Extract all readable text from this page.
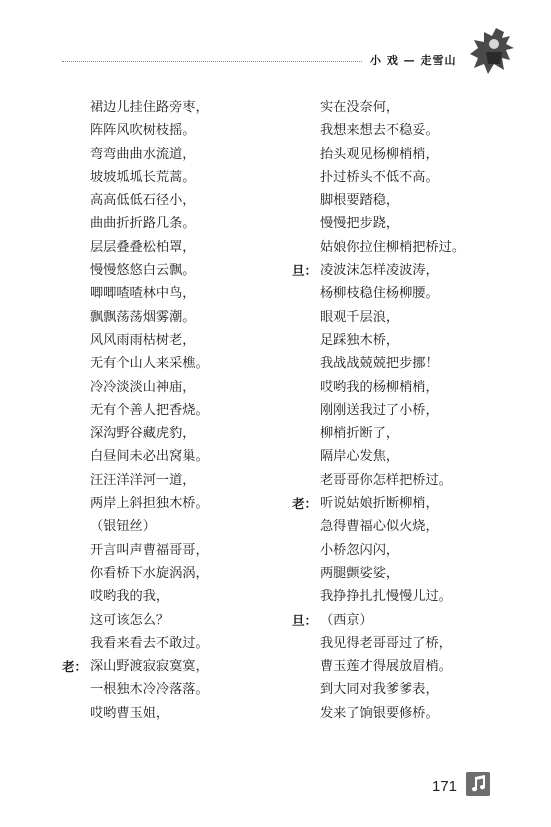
小 戏 — 走雪山
裙边儿挂住路旁枣，
阵阵风吹树枝摇。
弯弯曲曲水流道，
坡坡坬坬长荒蒿。
高高低低石径小，
曲曲折折路几条。
层层叠叠松柏罩，
慢慢悠悠白云飘。
唧唧喳喳林中鸟，
飘飘荡荡烟雾潮。
风风雨雨枯树老，
无有个山人来采樵。
冷冷淡淡山神庙，
无有个善人把香烧。
深沟野谷藏虎豹，
白昼间未必出窝巢。
汪汪洋洋河一道，
两岸上斜担独木桥。
（银钮丝）
开言叫声曹福哥哥，
你看桥下水旋涡涡，
哎哟我的我，
这可该怎么？
我看来看去不敢过。
老： 深山野渡寂寂寞寞，
一根独木冷冷落落。
哎哟曹玉姐，
实在没奈何，
我想来想去不稳妥。
抬头观见杨柳梢梢，
扑过桥头不低不高。
脚根要踏稳，
慢慢把步跷，
姑娘你拉住柳梢把桥过。
旦： 凌波沫怎样凌波涛，
杨柳枝稳住杨柳腰。
眼观千层浪，
足踩独木桥，
我战战兢兢把步挪！
哎哟我的杨柳梢梢，
刚刚送我过了小桥，
柳梢折断了，
隔岸心发焦，
老哥哥你怎样把桥过。
老： 听说姑娘折断柳梢，
急得曹福心似火烧，
小桥忽闪闪，
两腿颤娑娑，
我挣挣扎扎慢慢儿过。
旦： （西京）
我见得老哥哥过了桥，
曹玉莲才得展放眉梢。
到大同对我爹爹表，
发来了饷银要修桥。
171
